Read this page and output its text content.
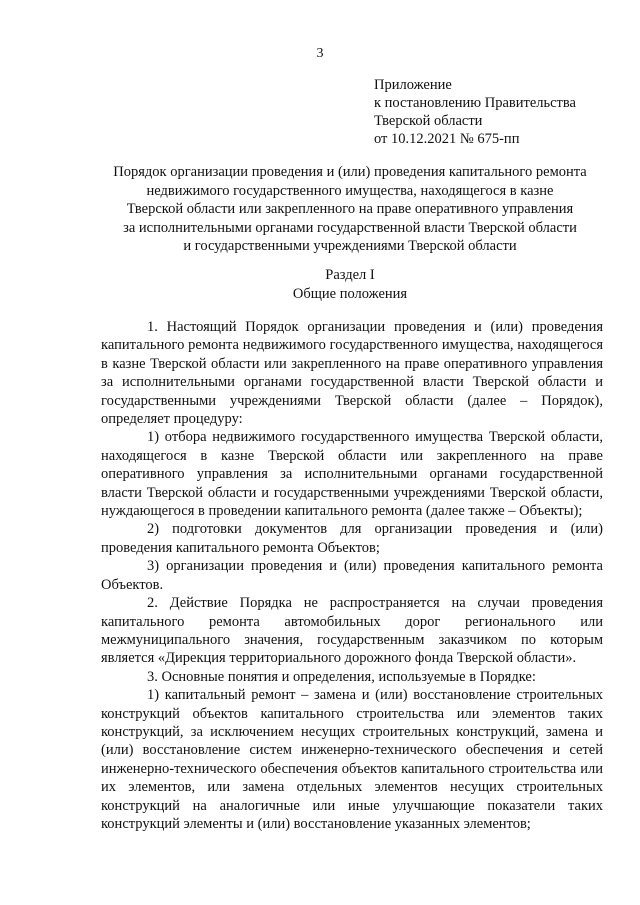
3
Приложение
к постановлению Правительства
Тверской области
от 10.12.2021 № 675-пп
Порядок организации проведения и (или) проведения капитального ремонта
недвижимого государственного имущества, находящегося в казне
Тверской области или закрепленного на праве оперативного управления
за исполнительными органами государственной власти Тверской области
и государственными учреждениями Тверской области
Раздел I
Общие положения

1. Настоящий Порядок организации проведения и (или) проведения капитального ремонта недвижимого государственного имущества, находящегося в казне Тверской области или закрепленного на праве оперативного управления за исполнительными органами государственной власти Тверской области и государственными учреждениями Тверской области (далее – Порядок), определяет процедуру:

1) отбора недвижимого государственного имущества Тверской области, находящегося в казне Тверской области или закрепленного на праве оперативного управления за исполнительными органами государственной власти Тверской области и государственными учреждениями Тверской области, нуждающегося в проведении капитального ремонта (далее также – Объекты);

2) подготовки документов для организации проведения и (или) проведения капитального ремонта Объектов;

3) организации проведения и (или) проведения капитального ремонта Объектов.

2. Действие Порядка не распространяется на случаи проведения капитального ремонта автомобильных дорог регионального или межмуниципального значения, государственным заказчиком по которым является «Дирекция территориального дорожного фонда Тверской области».

3. Основные понятия и определения, используемые в Порядке:

1) капитальный ремонт – замена и (или) восстановление строительных конструкций объектов капитального строительства или элементов таких конструкций, за исключением несущих строительных конструкций, замена и (или) восстановление систем инженерно-технического обеспечения и сетей инженерно-технического обеспечения объектов капитального строительства или их элементов, или замена отдельных элементов несущих строительных конструкций на аналогичные или иные улучшающие показатели таких конструкций элементы и (или) восстановление указанных элементов;
